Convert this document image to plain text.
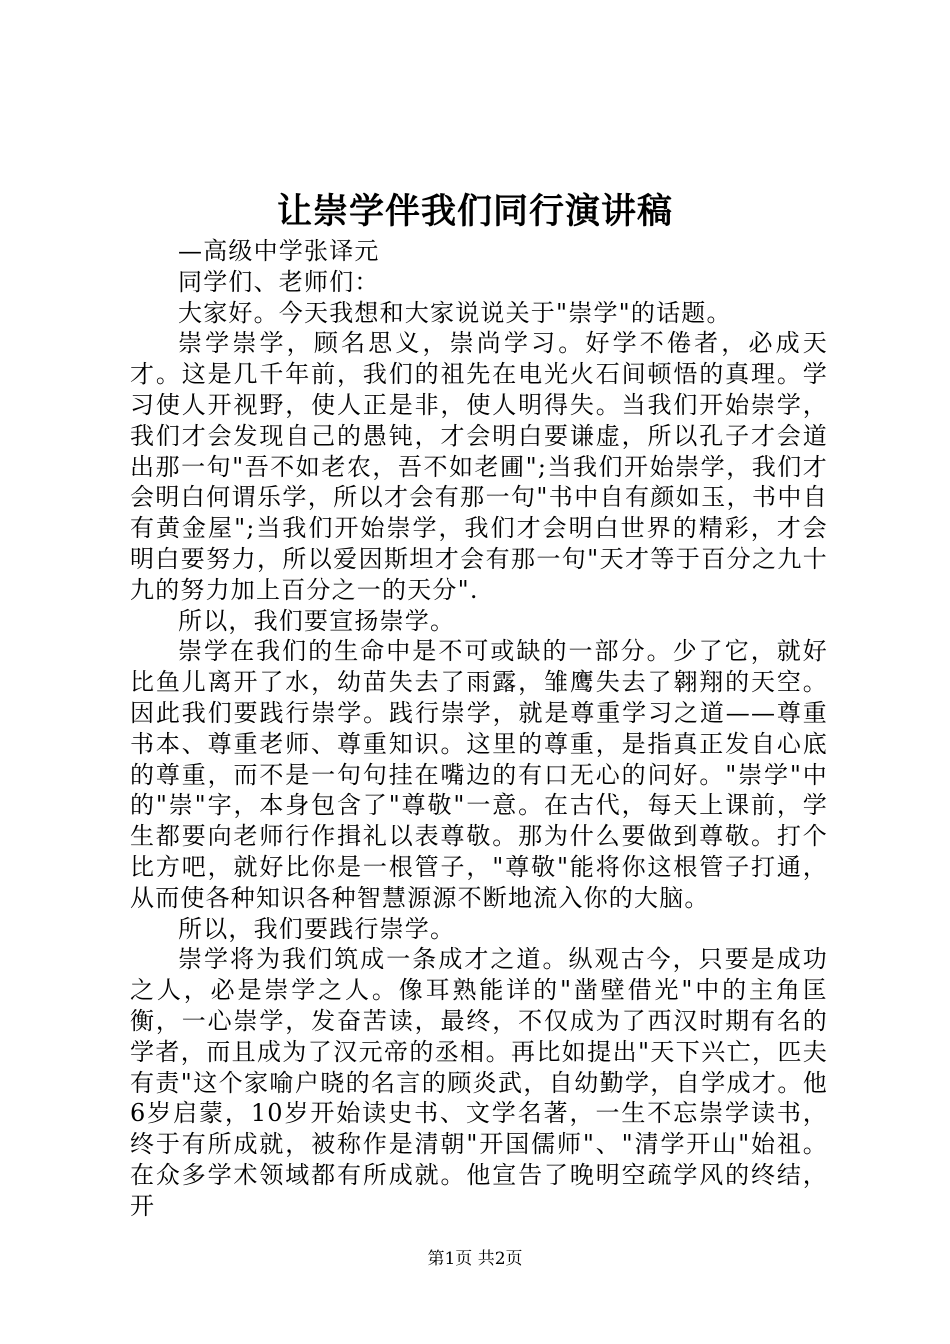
让崇学伴我们同行演讲稿

—高级中学张译元

同学们、老师们：

大家好。今天我想和大家说说关于"崇学"的话题。

崇学崇学，顾名思义，崇尚学习。好学不倦者，必成天才。这是几千年前，我们的祖先在电光火石间顿悟的真理。学习使人开视野，使人正是非，使人明得失。当我们开始崇学，我们才会发现自己的愚钝，才会明白要谦虚，所以孔子才会道出那一句"吾不如老农，吾不如老圃";当我们开始崇学，我们才会明白何谓乐学，所以才会有那一句"书中自有颜如玉，书中自有黄金屋";当我们开始崇学，我们才会明白世界的精彩，才会明白要努力，所以爱因斯坦才会有那一句"天才等于百分之九十九的努力加上百分之一的天分".

所以，我们要宣扬崇学。

崇学在我们的生命中是不可或缺的一部分。少了它，就好比鱼儿离开了水，幼苗失去了雨露，雏鹰失去了翱翔的天空。因此我们要践行崇学。践行崇学，就是尊重学习之道——尊重书本、尊重老师、尊重知识。这里的尊重，是指真正发自心底的尊重，而不是一句句挂在嘴边的有口无心的问好。"崇学"中的"崇"字，本身包含了"尊敬"一意。在古代，每天上课前，学生都要向老师行作揖礼以表尊敬。那为什么要做到尊敬。打个比方吧，就好比你是一根管子，"尊敬"能将你这根管子打通，从而使各种知识各种智慧源源不断地流入你的大脑。

所以，我们要践行崇学。

崇学将为我们筑成一条成才之道。纵观古今，只要是成功之人，必是崇学之人。像耳熟能详的"凿壁借光"中的主角匡衡，一心崇学，发奋苦读，最终，不仅成为了西汉时期有名的学者，而且成为了汉元帝的丞相。再比如提出"天下兴亡，匹夫有责"这个家喻户晓的名言的顾炎武，自幼勤学，自学成才。他6岁启蒙，10岁开始读史书、文学名著，一生不忘崇学读书，终于有所成就，被称作是清朝"开国儒师"、"清学开山"始祖。在众多学术领域都有所成就。他宣告了晚明空疏学风的终结，开

第1页 共2页
